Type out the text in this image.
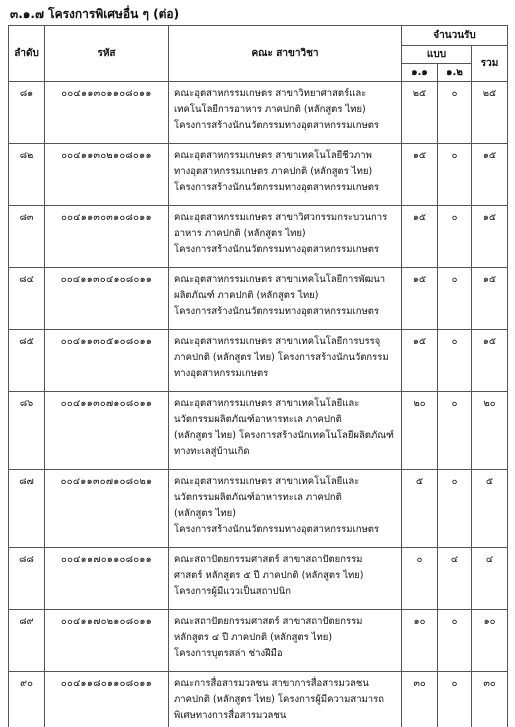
๓.๑.๗ โครงการพิเศษอื่น ๆ (ต่อ)
ลำดับ	รหัส	คณะ สาขาวิชา	จำนวนรับ		
			แบบ		รวม
			๑.๑	๑.๒	
๘๑	๐๐๔๑๑๓๐๑๑๐๘๐๑๑	คณะอุตสาหกรรมเกษตร สาขาวิทยาศาสตร์และ
เทคโนโลยีการอาหาร ภาคปกติ (หลักสูตร ไทย)
โครงการสร้างนักนวัตกรรมทางอุตสาหกรรมเกษตร	๒๕	๐	๒๕
๘๒	๐๐๔๑๑๓๐๒๑๐๘๐๑๑	คณะอุตสาหกรรมเกษตร สาขาเทคโนโลยีชีวภาพ
ทางอุตสาหกรรมเกษตร ภาคปกติ (หลักสูตร ไทย)
โครงการสร้างนักนวัตกรรมทางอุตสาหกรรมเกษตร	๑๕	๐	๑๕
๘๓	๐๐๔๑๑๓๐๓๑๐๘๐๑๑	คณะอุตสาหกรรมเกษตร สาขาวิศวกรรมกระบวนการ
อาหาร ภาคปกติ (หลักสูตร ไทย)
โครงการสร้างนักนวัตกรรมทางอุตสาหกรรมเกษตร	๑๕	๐	๑๕
๘๔	๐๐๔๑๑๓๐๔๑๐๘๐๑๑	คณะอุตสาหกรรมเกษตร สาขาเทคโนโลยีการพัฒนา
ผลิตภัณฑ์ ภาคปกติ (หลักสูตร ไทย)
โครงการสร้างนักนวัตกรรมทางอุตสาหกรรมเกษตร	๑๕	๐	๑๕
๘๕	๐๐๔๑๑๓๐๕๑๐๘๐๑๑	คณะอุตสาหกรรมเกษตร สาขาเทคโนโลยีการบรรจุ
ภาคปกติ (หลักสูตร ไทย) โครงการสร้างนักนวัตกรรม
ทางอุตสาหกรรมเกษตร	๑๕	๐	๑๕
๘๖	๐๐๔๑๑๓๐๗๑๐๘๐๑๑	คณะอุตสาหกรรมเกษตร สาขาเทคโนโลยีและ
นวัตกรรมผลิตภัณฑ์อาหารทะเล ภาคปกติ
(หลักสูตร ไทย) โครงการสร้างนักเทคโนโลยีผลิตภัณฑ์
ทางทะเลสู่บ้านเกิด	๒๐	๐	๒๐
๘๗	๐๐๔๑๑๓๐๗๑๐๘๐๒๑	คณะอุตสาหกรรมเกษตร สาขาเทคโนโลยีและ
นวัตกรรมผลิตภัณฑ์อาหารทะเล ภาคปกติ
(หลักสูตร ไทย)
โครงการสร้างนักนวัตกรรมทางอุตสาหกรรมเกษตร	๕	๐	๕
๘๘	๐๐๔๑๑๗๐๑๑๐๘๐๑๑	คณะสถาปัตยกรรมศาสตร์ สาขาสถาปัตยกรรม
ศาสตร์ หลักสูตร ๕ ปี ภาคปกติ (หลักสูตร ไทย)
โครงการผู้มีแววเป็นสถาปนิก	๐	๔	๔
๘๙	๐๐๔๑๑๗๐๒๑๐๘๐๑๑	คณะสถาปัตยกรรมศาสตร์ สาขาสถาปัตยกรรม
หลักสูตร ๔ ปี ภาคปกติ (หลักสูตร ไทย)
โครงการบุตรสล่า ช่างฝีมือ	๑๐	๐	๑๐
๙๐	๐๐๔๑๑๘๐๑๑๐๘๐๑๑	คณะการสื่อสารมวลชน สาขาการสื่อสารมวลชน
ภาคปกติ (หลักสูตร ไทย) โครงการผู้มีความสามารถ
พิเศษทางการสื่อสารมวลชน	๓๐	๐	๓๐
